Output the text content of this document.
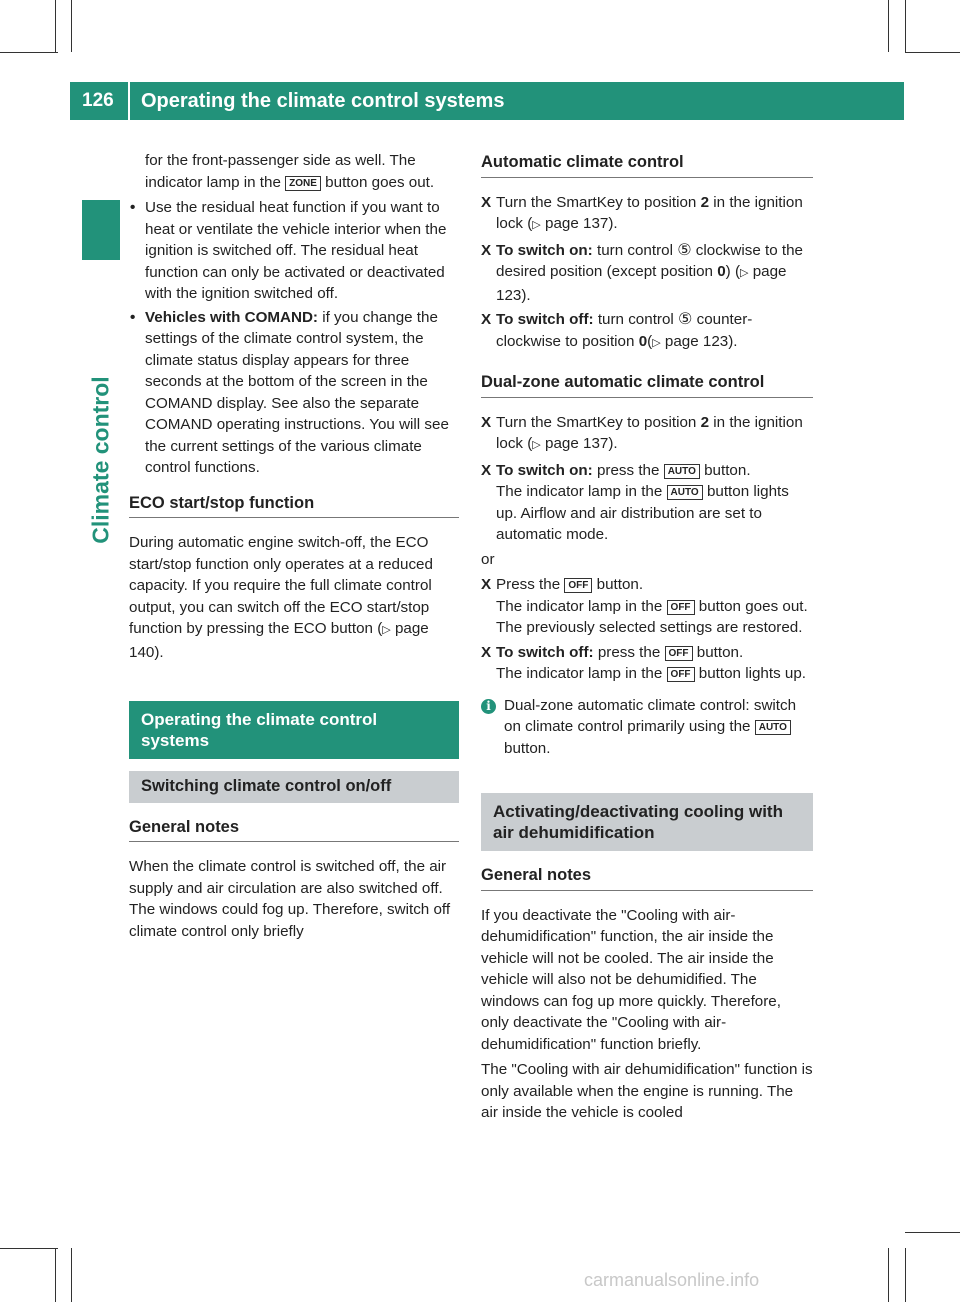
126 Operating the climate control systems
Climate control

for the front-passenger side as well. The indicator lamp in the ZONE button goes out.

• Use the residual heat function if you want to heat or ventilate the vehicle interior when the ignition is switched off. The residual heat function can only be activated or deactivated with the ignition switched off.

• Vehicles with COMAND: if you change the settings of the climate control system, the climate status display appears for three seconds at the bottom of the screen in the COMAND display. See also the separate COMAND operating instructions. You will see the current settings of the various climate control functions.

ECO start/stop function

During automatic engine switch-off, the ECO start/stop function only operates at a reduced capacity. If you require the full climate control output, you can switch off the ECO start/stop function by pressing the ECO button (▷ page 140).

Operating the climate control systems
Switching climate control on/off
General notes

When the climate control is switched off, the air supply and air circulation are also switched off. The windows could fog up. Therefore, switch off climate control only briefly

Automatic climate control

X Turn the SmartKey to position 2 in the ignition lock (▷ page 137).

X To switch on: turn control ⑤ clockwise to the desired position (except position 0) (▷ page 123).

X To switch off: turn control ⑤ counter-clockwise to position 0(▷ page 123).

Dual-zone automatic climate control

X Turn the SmartKey to position 2 in the ignition lock (▷ page 137).

X To switch on: press the AUTO button.
The indicator lamp in the AUTO button lights up. Airflow and air distribution are set to automatic mode.

or

X Press the OFF button.
The indicator lamp in the OFF button goes out. The previously selected settings are restored.

X To switch off: press the OFF button.
The indicator lamp in the OFF button lights up.

i Dual-zone automatic climate control: switch on climate control primarily using the AUTO button.

Activating/deactivating cooling with air dehumidification
General notes

If you deactivate the "Cooling with air-dehumidification" function, the air inside the vehicle will not be cooled. The air inside the vehicle will also not be dehumidified. The windows can fog up more quickly. Therefore, only deactivate the "Cooling with air-dehumidification" function briefly.

The "Cooling with air dehumidification" function is only available when the engine is running. The air inside the vehicle is cooled

carmanualsonline.info
